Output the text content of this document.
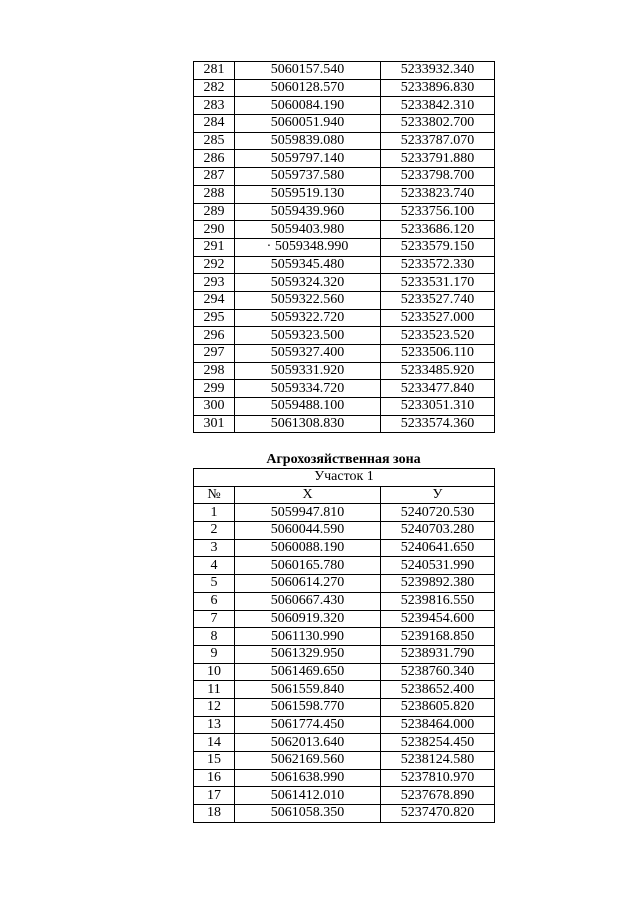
281	5060157.540	5233932.340
282	5060128.570	5233896.830
283	5060084.190	5233842.310
284	5060051.940	5233802.700
285	5059839.080	5233787.070
286	5059797.140	5233791.880
287	5059737.580	5233798.700
288	5059519.130	5233823.740
289	5059439.960	5233756.100
290	5059403.980	5233686.120
291	· 5059348.990	5233579.150
292	5059345.480	5233572.330
293	5059324.320	5233531.170
294	5059322.560	5233527.740
295	5059322.720	5233527.000
296	5059323.500	5233523.520
297	5059327.400	5233506.110
298	5059331.920	5233485.920
299	5059334.720	5233477.840
300	5059488.100	5233051.310
301	5061308.830	5233574.360
Агрохозяйственная зона
Участок 1		
№	Х	У
1	5059947.810	5240720.530
2	5060044.590	5240703.280
3	5060088.190	5240641.650
4	5060165.780	5240531.990
5	5060614.270	5239892.380
6	5060667.430	5239816.550
7	5060919.320	5239454.600
8	5061130.990	5239168.850
9	5061329.950	5238931.790
10	5061469.650	5238760.340
11	5061559.840	5238652.400
12	5061598.770	5238605.820
13	5061774.450	5238464.000
14	5062013.640	5238254.450
15	5062169.560	5238124.580
16	5061638.990	5237810.970
17	5061412.010	5237678.890
18	5061058.350	5237470.820
